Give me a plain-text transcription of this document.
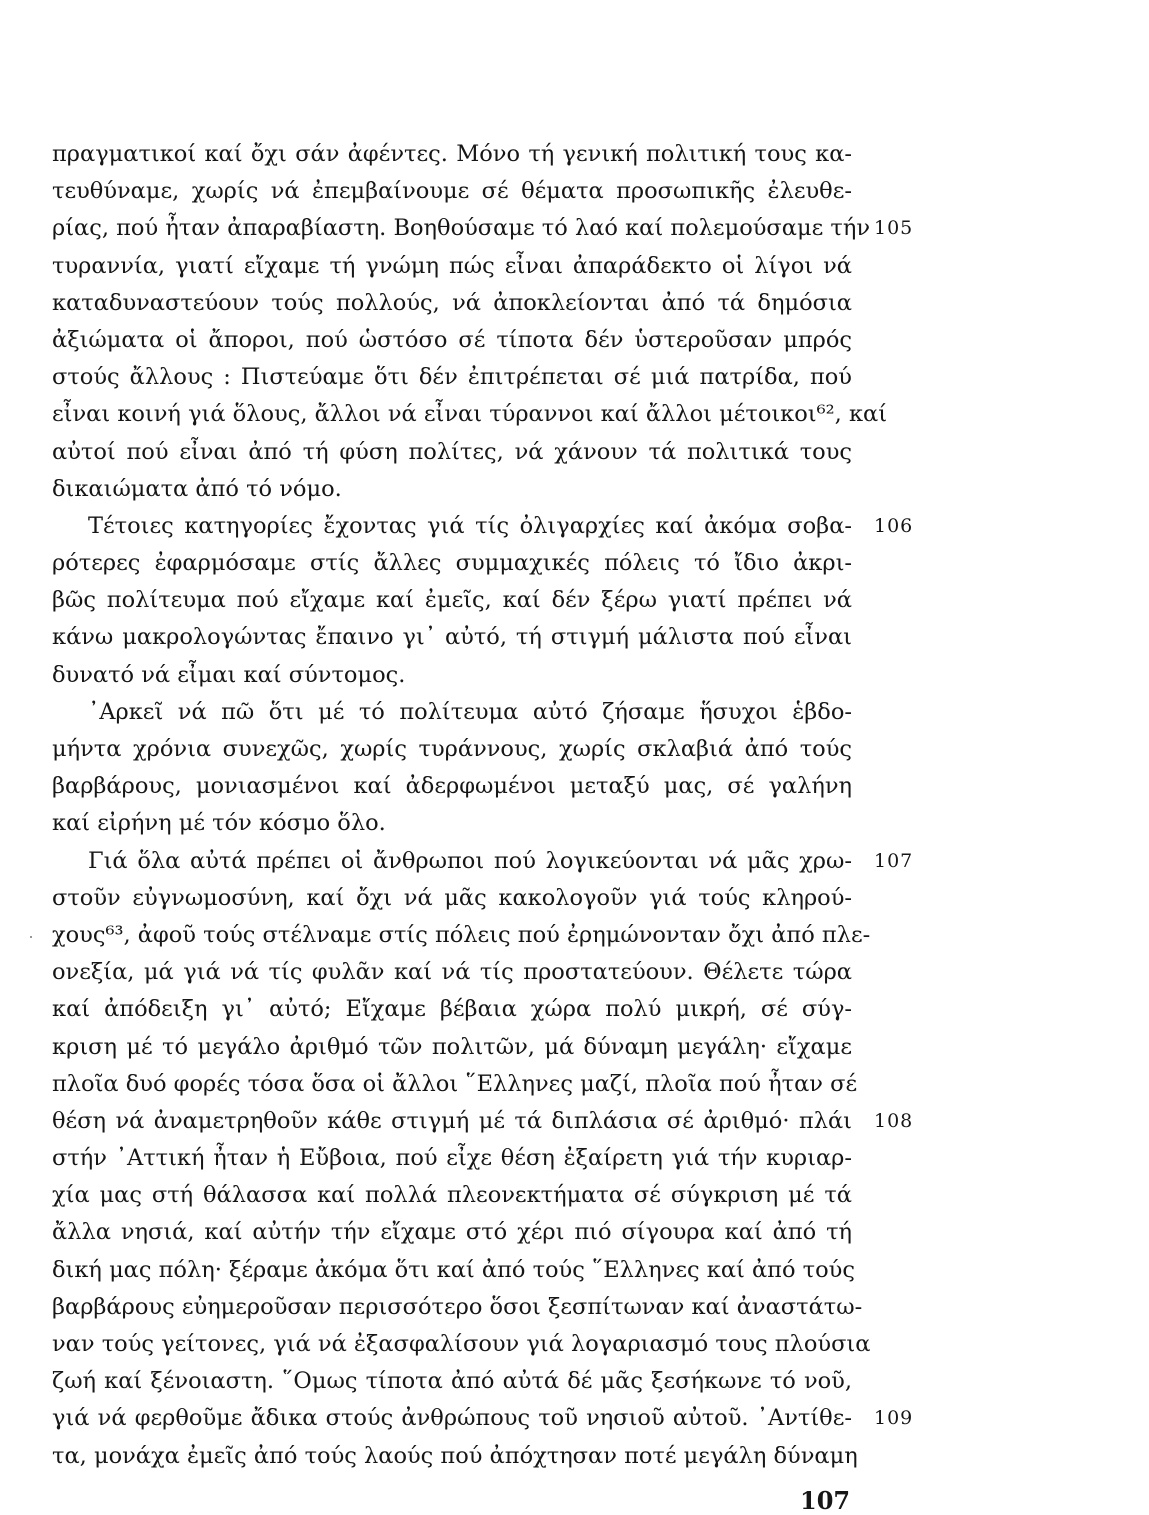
πραγματικοί καί ὄχι σάν ἀφέντες. Μόνο τή γενική πολιτική τους κα-
τευθύναμε, χωρίς νά ἐπεμβαίνουμε σέ θέματα προσωπικῆς ἐλευθε-
ρίας, πού ἦταν ἀπαραβίαστη. Βοηθούσαμε τό λαό καί πολεμούσαμε τήν 105
τυραννία, γιατί εἴχαμε τή γνώμη πώς εἶναι ἀπαράδεκτο οἱ λίγοι νά
καταδυναστεύουν τούς πολλούς, νά ἀποκλείονται ἀπό τά δημόσια
ἀξιώματα οἱ ἄποροι, πού ὡστόσο σέ τίποτα δέν ὑστεροῦσαν μπρός
στούς ἄλλους : Πιστεύαμε ὅτι δέν ἐπιτρέπεται σέ μιά πατρίδα, πού
εἶναι κοινή γιά ὅλους, ἄλλοι νά εἶναι τύραννοι καί ἄλλοι μέτοικοι⁶², καί
αὐτοί πού εἶναι ἀπό τή φύση πολίτες, νά χάνουν τά πολιτικά τους
δικαιώματα ἀπό τό νόμο.
Τέτοιες κατηγορίες ἔχοντας γιά τίς ὀλιγαρχίες καί ἀκόμα σοβα- 106
ρότερες ἐφαρμόσαμε στίς ἄλλες συμμαχικές πόλεις τό ἴδιο ἀκρι-
βῶς πολίτευμα πού εἴχαμε καί ἐμεῖς, καί δέν ξέρω γιατί πρέπει νά
κάνω μακρολογώντας ἔπαινο γι᾿ αὐτό, τή στιγμή μάλιστα πού εἶναι
δυνατό νά εἶμαι καί σύντομος.
᾿Αρκεῖ νά πῶ ὅτι μέ τό πολίτευμα αὐτό ζήσαμε ἥσυχοι ἑβδο-
μήντα χρόνια συνεχῶς, χωρίς τυράννους, χωρίς σκλαβιά ἀπό τούς
βαρβάρους, μονιασμένοι καί ἀδερφωμένοι μεταξύ μας, σέ γαλήνη
καί εἰρήνη μέ τόν κόσμο ὅλο.
Γιά ὅλα αὐτά πρέπει οἱ ἄνθρωποι πού λογικεύονται νά μᾶς χρω- 107
στοῦν εὐγνωμοσύνη, καί ὄχι νά μᾶς κακολογοῦν γιά τούς κληρού-
χους⁶³, ἀφοῦ τούς στέλναμε στίς πόλεις πού ἐρημώνονταν ὄχι ἀπό πλε-
ονεξία, μά γιά νά τίς φυλᾶν καί νά τίς προστατεύουν. Θέλετε τώρα
καί ἀπόδειξη γι᾿ αὐτό; Εἴχαμε βέβαια χώρα πολύ μικρή, σέ σύγ-
κριση μέ τό μεγάλο ἀριθμό τῶν πολιτῶν, μά δύναμη μεγάλη· εἴχαμε
πλοῖα δυό φορές τόσα ὅσα οἱ ἄλλοι ῞Ελληνες μαζί, πλοῖα πού ἦταν σέ
θέση νά ἀναμετρηθοῦν κάθε στιγμή μέ τά διπλάσια σέ ἀριθμό· πλάι 108
στήν ᾿Αττική ἦταν ἡ Εὔβοια, πού εἶχε θέση ἐξαίρετη γιά τήν κυριαρ-
χία μας στή θάλασσα καί πολλά πλεονεκτήματα σέ σύγκριση μέ τά
ἄλλα νησιά, καί αὐτήν τήν εἴχαμε στό χέρι πιό σίγουρα καί ἀπό τή
δική μας πόλη· ξέραμε ἀκόμα ὅτι καί ἀπό τούς ῞Ελληνες καί ἀπό τούς
βαρβάρους εὐημεροῦσαν περισσότερο ὅσοι ξεσπίτωναν καί ἀναστάτω-
ναν τούς γείτονες, γιά νά ἐξασφαλίσουν γιά λογαριασμό τους πλούσια
ζωή καί ξένοιαστη. ῞Ομως τίποτα ἀπό αὐτά δέ μᾶς ξεσήκωνε τό νοῦ,
γιά νά φερθοῦμε ἄδικα στούς ἀνθρώπους τοῦ νησιοῦ αὐτοῦ. ᾿Αντίθε- 109
τα, μονάχα ἐμεῖς ἀπό τούς λαούς πού ἀπόχτησαν ποτέ μεγάλη δύναμη
107
